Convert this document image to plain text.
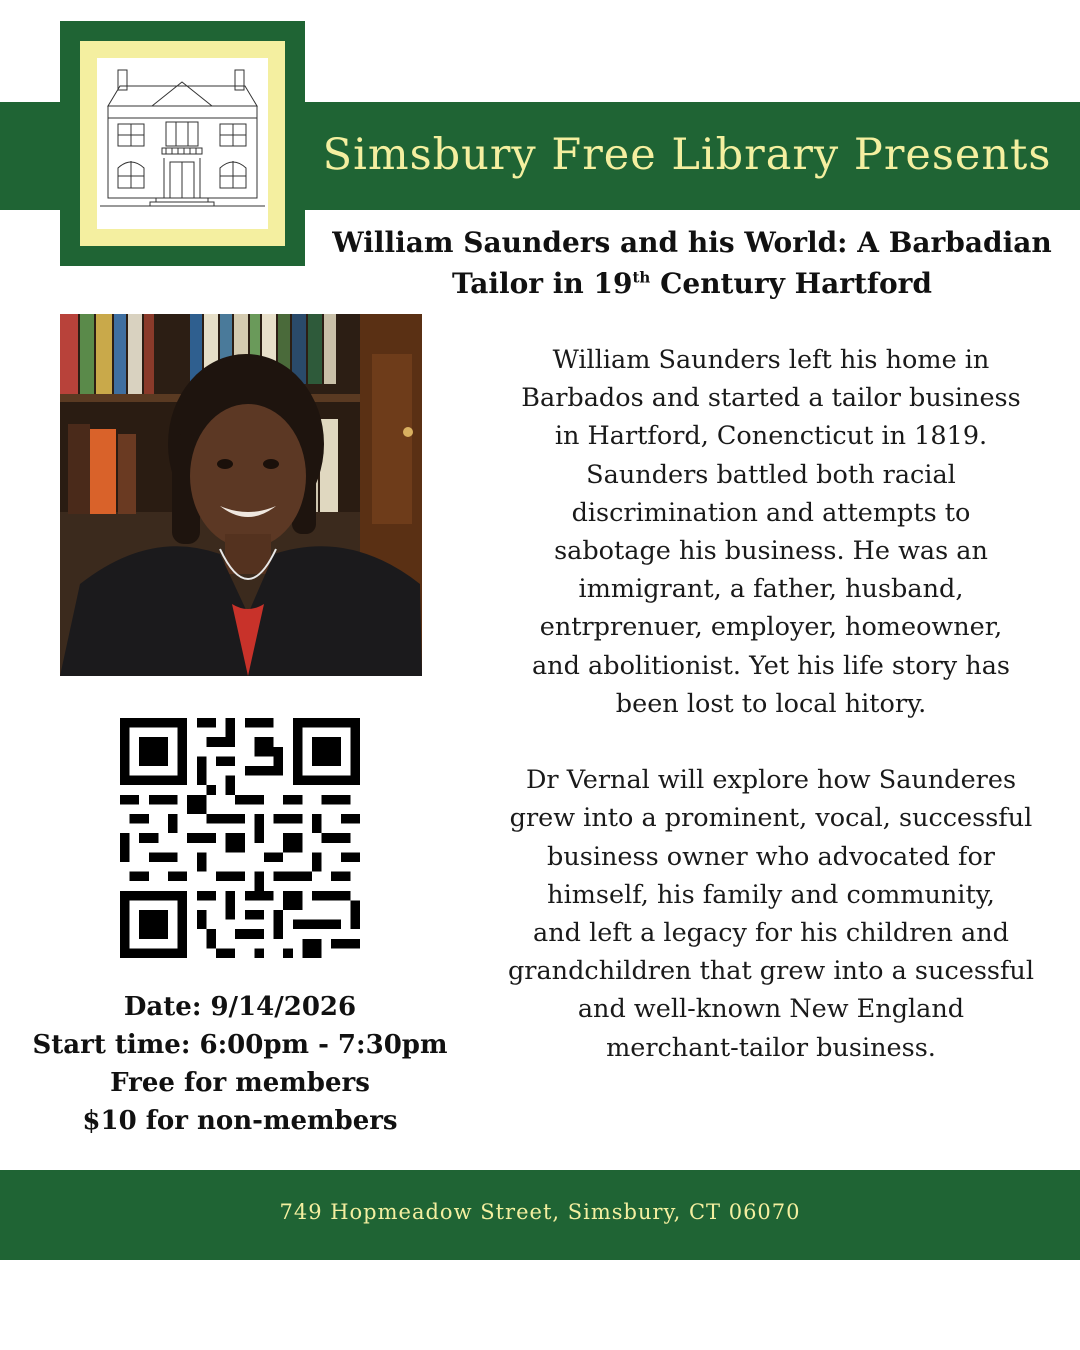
Simsbury Free Library Presents
William Saunders and his World: A Barbadian
Tailor in 19th Century Hartford
Date: 9/14/2026
Start time: 6:00pm - 7:30pm
Free for members
$10 for non-members
William Saunders left his home in
Barbados and started a tailor business
in Hartford, Conencticut in 1819.
Saunders battled both racial
discrimination and attempts to
sabotage his business. He was an
immigrant, a father, husband,
entrprenuer, employer, homeowner,
and abolitionist. Yet his life story has
been lost to local hitory.
Dr Vernal will explore how Saunderes
grew into a prominent, vocal, successful
business owner who advocated for
himself, his family and community,
and left a legacy for his children and
grandchildren that grew into a sucessful
and well-known New England
merchant-tailor business.
749 Hopmeadow Street, Simsbury, CT 06070
